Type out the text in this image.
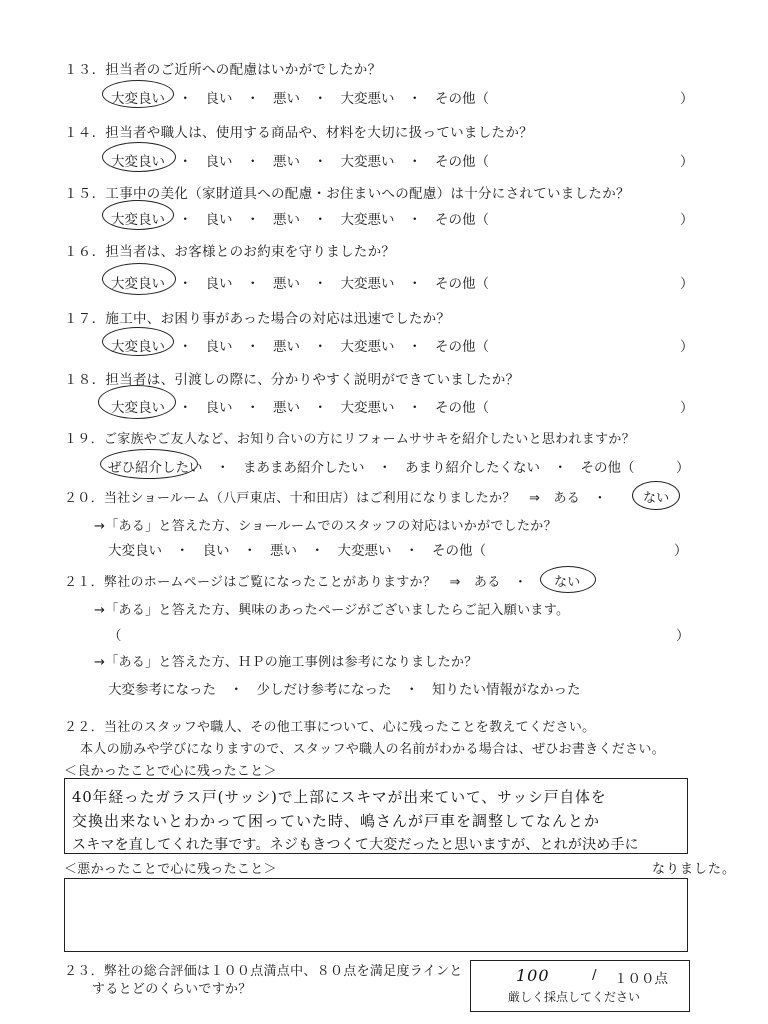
１３．担当者のご近所への配慮はいかがでしたか？
大変良い　・　良い　・　悪い　・　大変悪い　・　その他（	）
１４．担当者や職人は、使用する商品や、材料を大切に扱っていましたか？
大変良い　・　良い　・　悪い　・　大変悪い　・　その他（	）
１５．工事中の美化（家財道具への配慮・お住まいへの配慮）は十分にされていましたか？
大変良い　・　良い　・　悪い　・　大変悪い　・　その他（	）
１６．担当者は、お客様とのお約束を守りましたか？
大変良い　・　良い　・　悪い　・　大変悪い　・　その他（	）
１７．施工中、お困り事があった場合の対応は迅速でしたか？
大変良い　・　良い　・　悪い　・　大変悪い　・　その他（	）
１８．担当者は、引渡しの際に、分かりやすく説明ができていましたか？
大変良い　・　良い　・　悪い　・　大変悪い　・　その他（	）
１９．ご家族やご友人など、お知り合いの方にリフォームササキを紹介したいと思われますか？
ぜひ紹介したい　・　まあまあ紹介したい　・　あまり紹介したくない　・　その他（	）
２０．当社ショールーム（八戸東店、十和田店）はご利用になりましたか？　⇒　ある　・	ない
→「ある」と答えた方、ショールームでのスタッフの対応はいかがでしたか？
大変良い　・　良い　・　悪い　・　大変悪い　・　その他（	）
２１．弊社のホームページはご覧になったことがありますか？　⇒　ある　・ ない
→「ある」と答えた方、興味のあったページがございましたらご記入願います。
（	）
→「ある」と答えた方、ＨＰの施工事例は参考になりましたか？
大変参考になった　・　少しだけ参考になった　・　知りたい情報がなかった
２２．当社のスタッフや職人、その他工事について、心に残ったことを教えてください。
本人の励みや学びになりますので、スタッフや職人の名前がわかる場合は、ぜひお書きください。
＜良かったことで心に残ったこと＞
40年経ったガラス戸(サッシ)で上部にスキマが出来ていて、サッシ戸自体を
交換出来ないとわかって困っていた時、嶋さんが戸車を調整してなんとか
スキマを直してくれた事です。ネジもきつくて大変だったと思いますが、とれが決め手に
なりました。
＜悪かったことで心に残ったこと＞
２３．弊社の総合評価は１００点満点中、８０点を満足度ラインと
するとどのくらいですか？
100	/ １００点
厳しく採点してください
